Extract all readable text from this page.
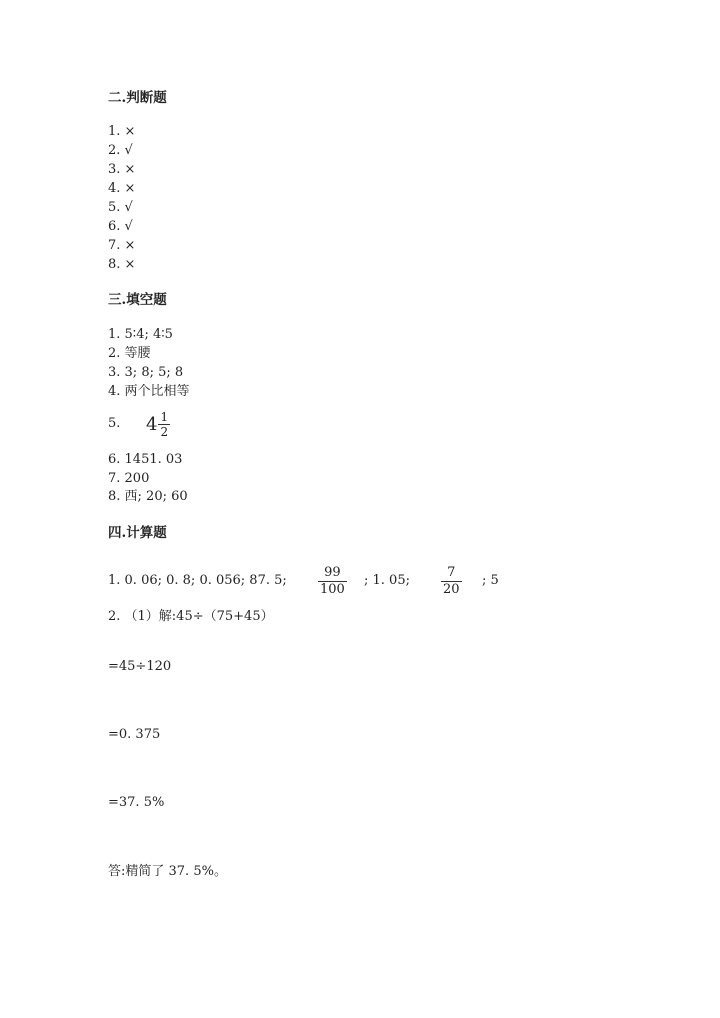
二.判断题
1. ×
2. √
3. ×
4. ×
5. √
6. √
7. ×
8. ×
三.填空题
1. 5∶4; 4∶5
2. 等腰
3. 3; 8; 5; 8
4. 两个比相等
5. $4 \frac{1}{2}$
6. 1451. 03
7. 200
8. 西; 20; 60
四.计算题
1. 0. 06; 0. 8; 0. 056; 87. 5;
99
100
; 1. 05;
7
20
; 5
2. （1）解:45÷（75+45）
=45÷120
=0. 375
=37. 5%
答:精简了 37. 5%。
